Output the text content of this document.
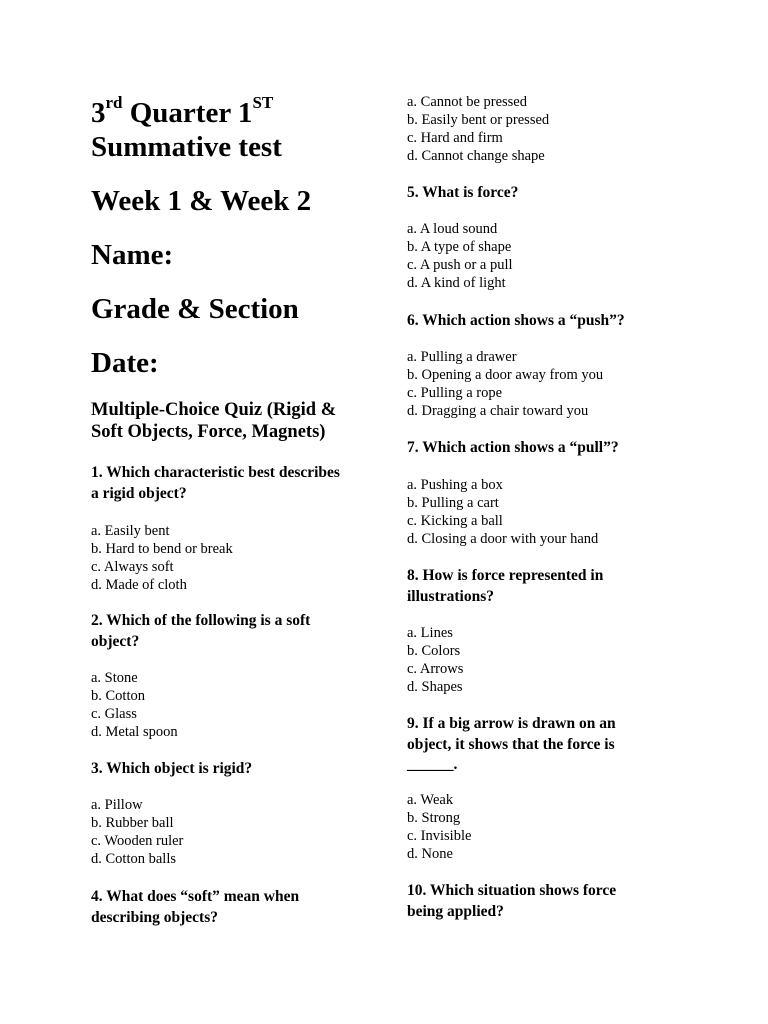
3rd Quarter 1ST
Summative test
Week 1 & Week 2
Name:
Grade & Section
Date:
Multiple-Choice Quiz (Rigid & Soft Objects, Force, Magnets)

1. Which characteristic best describes a rigid object?

a. Easily bent
b. Hard to bend or break
c. Always soft
d. Made of cloth

2. Which of the following is a soft object?

a. Stone
b. Cotton
c. Glass
d. Metal spoon

3. Which object is rigid?

a. Pillow
b. Rubber ball
c. Wooden ruler
d. Cotton balls

4. What does “soft” mean when describing objects?

a. Cannot be pressed
b. Easily bent or pressed
c. Hard and firm
d. Cannot change shape

5. What is force?

a. A loud sound
b. A type of shape
c. A push or a pull
d. A kind of light

6. Which action shows a “push”?

a. Pulling a drawer
b. Opening a door away from you
c. Pulling a rope
d. Dragging a chair toward you

7. Which action shows a “pull”?

a. Pushing a box
b. Pulling a cart
c. Kicking a ball
d. Closing a door with your hand

8. How is force represented in illustrations?

a. Lines
b. Colors
c. Arrows
d. Shapes

9. If a big arrow is drawn on an object, it shows that the force is ______.

a. Weak
b. Strong
c. Invisible
d. None

10. Which situation shows force being applied?
